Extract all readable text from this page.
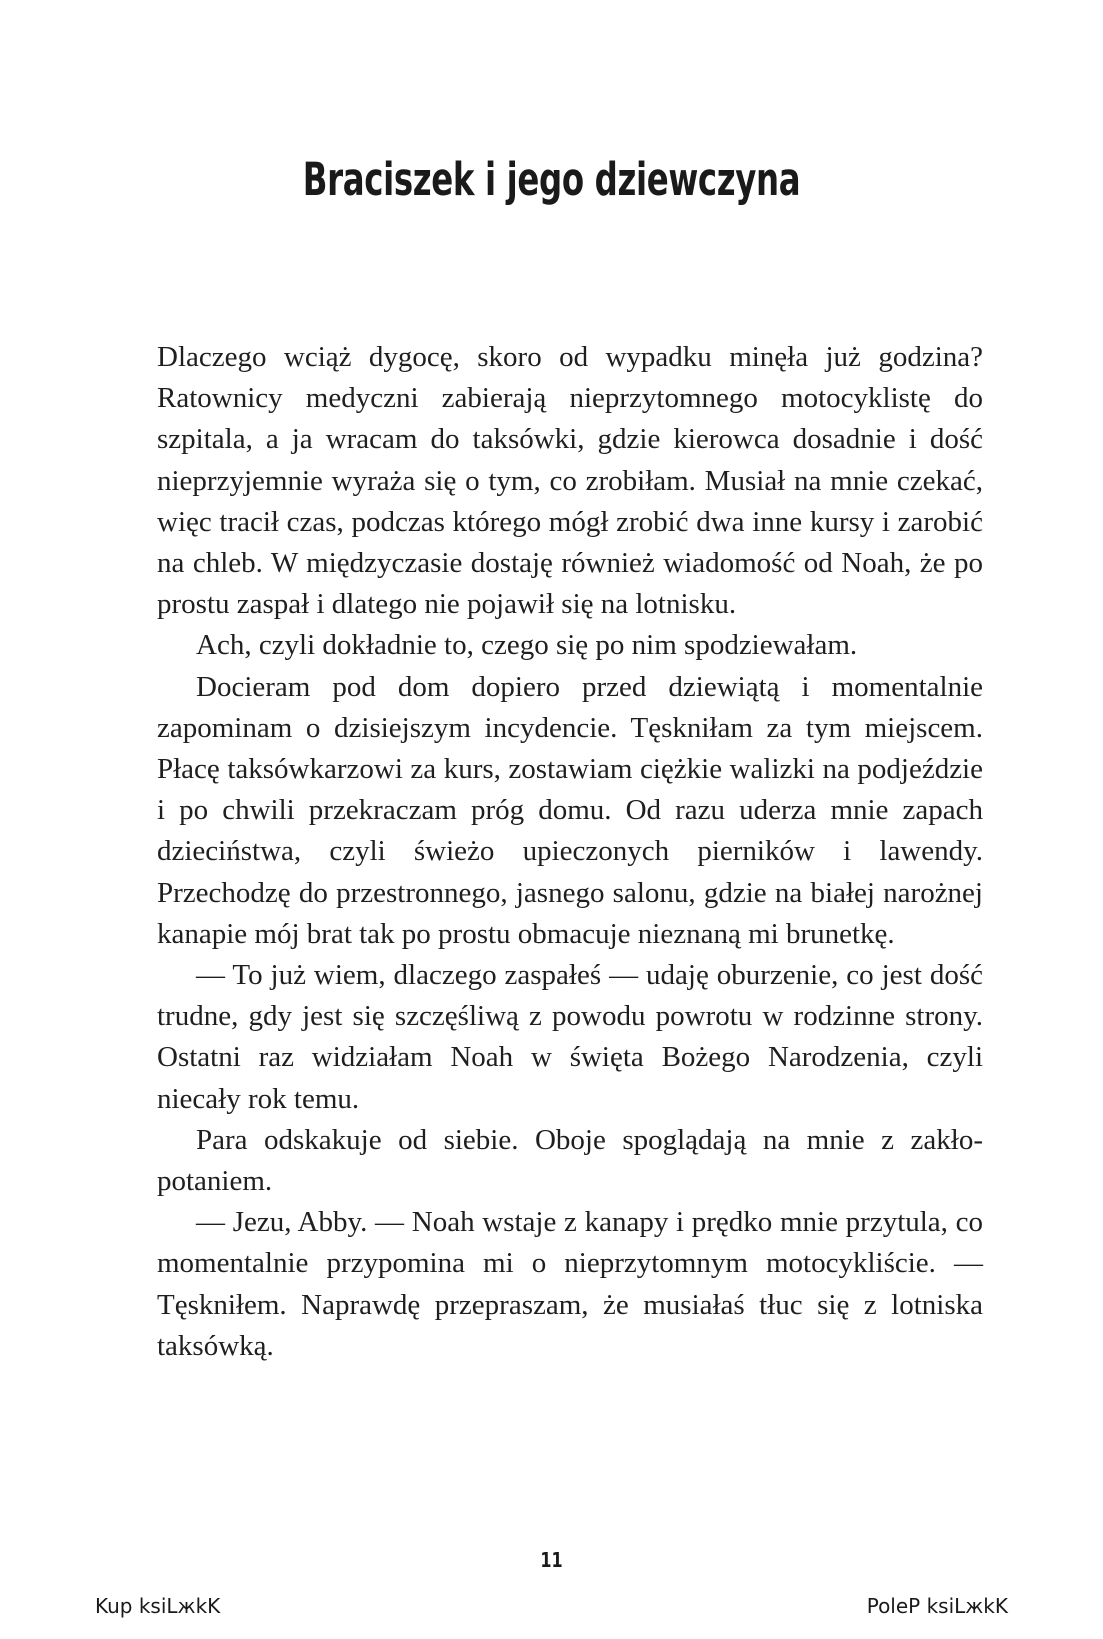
Braciszek i jego dziewczyna

Dlaczego wciąż dygocę, skoro od wypadku minęła już godzina? Ratownicy medyczni zabierają nieprzytomnego motocyklistę do szpitala, a ja wracam do taksówki, gdzie kierowca dosadnie i dość nieprzyjemnie wyraża się o tym, co zrobiłam. Musiał na mnie czekać, więc tracił czas, podczas którego mógł zrobić dwa inne kursy i zarobić na chleb. W międzyczasie dostaję również wiadomość od Noah, że po prostu zaspał i dlatego nie pojawił się na lotnisku.

Ach, czyli dokładnie to, czego się po nim spodziewałam.

Docieram pod dom dopiero przed dziewiątą i momentalnie zapominam o dzisiejszym incydencie. Tęskniłam za tym miejscem. Płacę taksówkarzowi za kurs, zostawiam ciężkie walizki na podjeździe i po chwili przekraczam próg domu. Od razu uderza mnie zapach dzieciństwa, czyli świeżo upieczonych pierników i lawendy. Przechodzę do przestronnego, jasnego salonu, gdzie na białej narożnej kanapie mój brat tak po prostu obmacuje nieznaną mi brunetkę.

— To już wiem, dlaczego zaspałeś — udaję oburzenie, co jest dość trudne, gdy jest się szczęśliwą z powodu powrotu w rodzinne strony. Ostatni raz widziałam Noah w święta Bożego Narodzenia, czyli niecały rok temu.

Para odskakuje od siebie. Oboje spoglądają na mnie z zakłopotaniem.

— Jezu, Abby. — Noah wstaje z kanapy i prędko mnie przytula, co momentalnie przypomina mi o nieprzytomnym motocykliście. — Tęskniłem. Naprawdę przepraszam, że musiałaś tłuc się z lotniska taksówką.

11
Kup ksiLжkK	PoleP ksiLжkK
